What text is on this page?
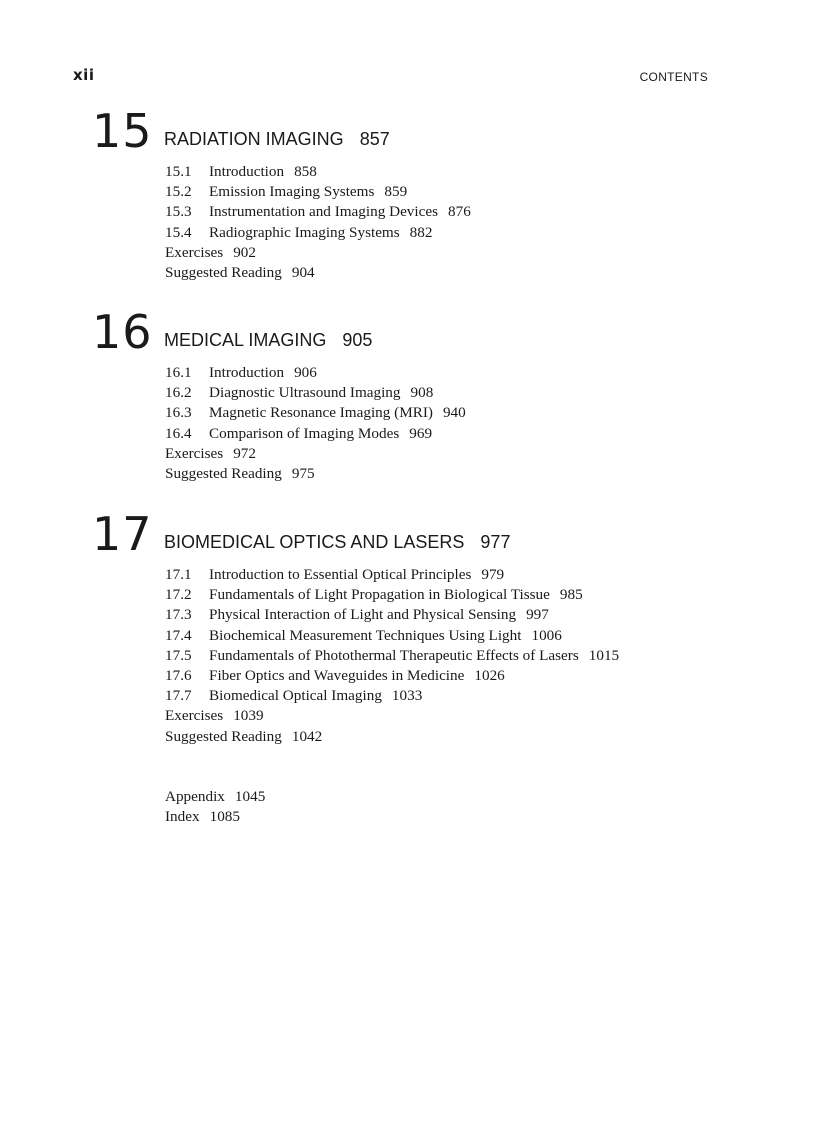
xii	CONTENTS
15 RADIATION IMAGING 857
15.1 Introduction 858
15.2 Emission Imaging Systems 859
15.3 Instrumentation and Imaging Devices 876
15.4 Radiographic Imaging Systems 882
Exercises 902
Suggested Reading 904
16 MEDICAL IMAGING 905
16.1 Introduction 906
16.2 Diagnostic Ultrasound Imaging 908
16.3 Magnetic Resonance Imaging (MRI) 940
16.4 Comparison of Imaging Modes 969
Exercises 972
Suggested Reading 975
17 BIOMEDICAL OPTICS AND LASERS 977
17.1 Introduction to Essential Optical Principles 979
17.2 Fundamentals of Light Propagation in Biological Tissue 985
17.3 Physical Interaction of Light and Physical Sensing 997
17.4 Biochemical Measurement Techniques Using Light 1006
17.5 Fundamentals of Photothermal Therapeutic Effects of Lasers 1015
17.6 Fiber Optics and Waveguides in Medicine 1026
17.7 Biomedical Optical Imaging 1033
Exercises 1039
Suggested Reading 1042
Appendix 1045
Index 1085
